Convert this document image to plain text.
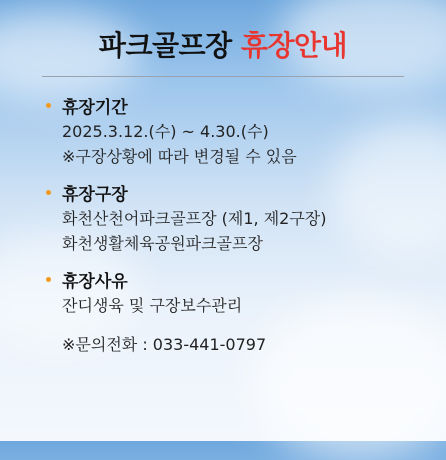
파크골프장 휴장안내
휴장기간
2025.3.12.(수) ~ 4.30.(수)
※구장상황에 따라 변경될 수 있음
휴장구장
화천산천어파크골프장 (제1, 제2구장)
화천생활체육공원파크골프장
휴장사유
잔디생육 및 구장보수관리
※문의전화 : 033-441-0797
